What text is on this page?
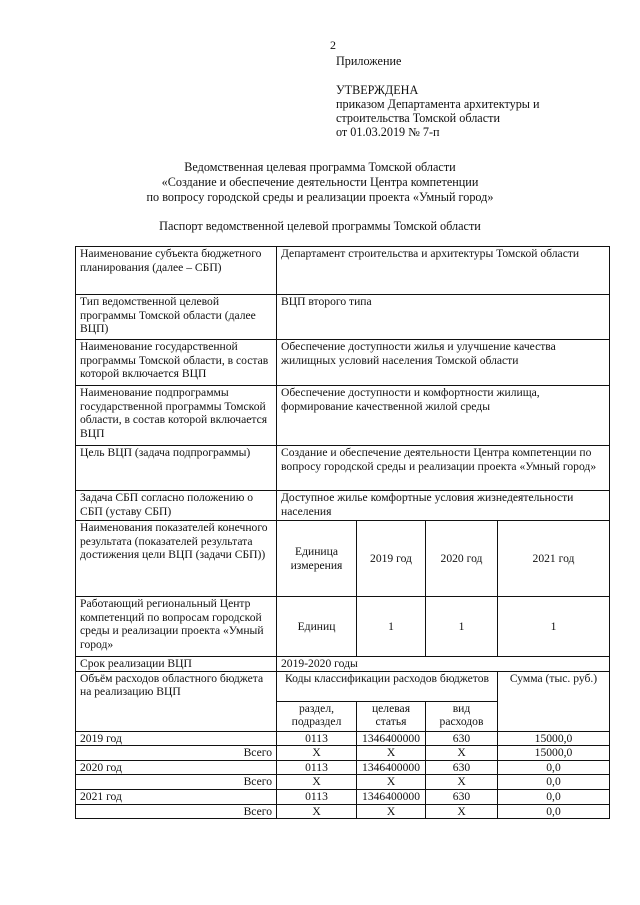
2
Приложение
УТВЕРЖДЕНА
приказом Департамента архитектуры и
строительства Томской области
от 01.03.2019 № 7-п
Ведомственная целевая программа Томской области
«Создание и обеспечение деятельности Центра компетенции
по вопросу городской среды и реализации проекта «Умный город»
Паспорт ведомственной целевой программы Томской области
Наименование субъекта бюджетного планирования (далее – СБП)	Департамент строительства и архитектуры Томской области			
Тип ведомственной целевой программы Томской области (далее ВЦП)	ВЦП второго типа			
Наименование государственной программы Томской области, в состав которой включается ВЦП	Обеспечение доступности жилья и улучшение качества жилищных условий населения Томской области			
Наименование подпрограммы государственной программы Томской области, в состав которой включается ВЦП	Обеспечение доступности и комфортности жилища, формирование качественной жилой среды			
Цель ВЦП (задача подпрограммы)	Создание и обеспечение деятельности Центра компетенции по вопросу городской среды и реализации проекта «Умный город»			
Задача СБП согласно положению о СБП (уставу СБП)	Доступное жилье комфортные условия жизнедеятельности населения			
Наименования показателей конечного результата (показателей результата достижения цели ВЦП (задачи СБП))	Единица измерения	2019 год	2020 год	2021 год
Работающий региональный Центр компетенций по вопросам городской среды и реализации проекта «Умный город»	Единиц	1	1	1
Срок реализации ВЦП	2019-2020 годы			
Объём расходов областного бюджета на реализацию ВЦП	Коды классификации расходов бюджетов			Сумма (тыс. руб.)
	раздел, подраздел	целевая статья	вид расходов	
2019 год	0113	1346400000	630	15000,0
Всего	X	X	X	15000,0
2020 год	0113	1346400000	630	0,0
Всего	X	X	X	0,0
2021 год	0113	1346400000	630	0,0
Всего	X	X	X	0,0
